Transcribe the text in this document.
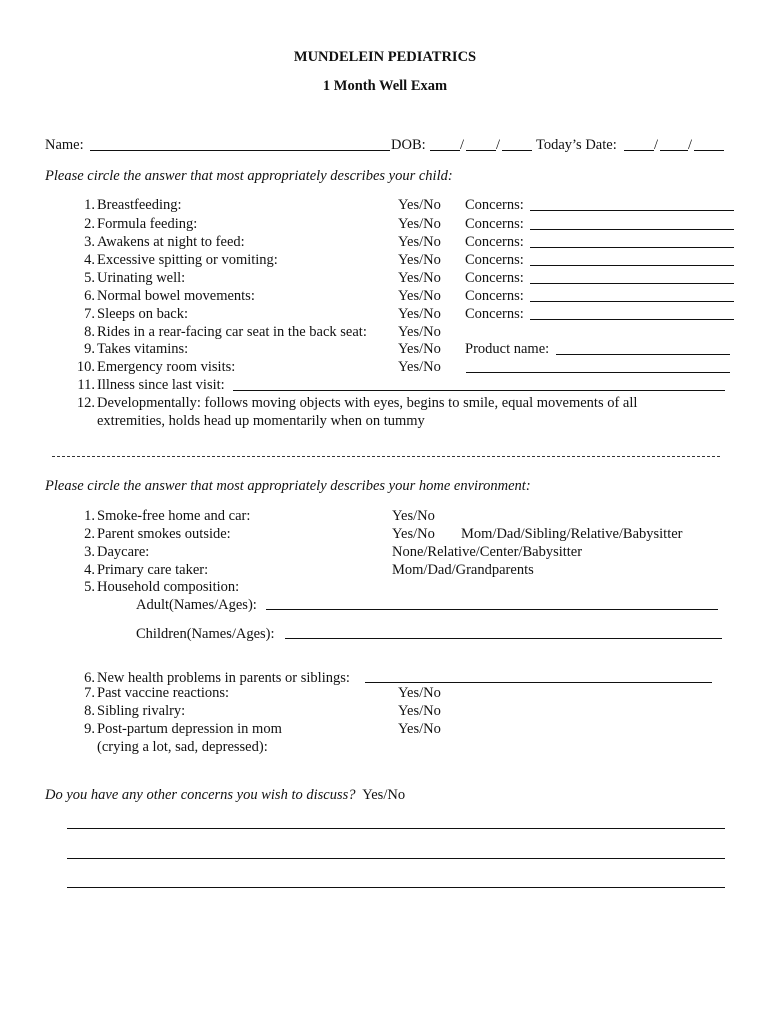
MUNDELEIN PEDIATRICS
1 Month Well Exam
Name:	DOB: / / Today’s Date:	/ /
Please circle the answer that most appropriately describes your child:
1. Breastfeeding:	Yes/No Concerns:
2. Formula feeding:	Yes/No Concerns:
3. Awakens at night to feed:	Yes/No Concerns:
4. Excessive spitting or vomiting:	Yes/No Concerns:
5. Urinating well:	Yes/No Concerns:
6. Normal bowel movements:	Yes/No Concerns:
7. Sleeps on back:	Yes/No Concerns:
8. Rides in a rear-facing car seat in the back seat: Yes/No
9. Takes vitamins:	Yes/No Product name:
10. Emergency room visits:	Yes/No
11. Illness since last visit:
12. Developmentally: follows moving objects with eyes, begins to smile, equal movements of all
extremities, holds head up momentarily when on tummy
Please circle the answer that most appropriately describes your home environment:
1. Smoke-free home and car:	Yes/No
2. Parent smokes outside:	Yes/No Mom/Dad/Sibling/Relative/Babysitter
3. Daycare:	None/Relative/Center/Babysitter
4. Primary care taker:	Mom/Dad/Grandparents
5. Household composition:
Adult(Names/Ages):
Children(Names/Ages):
6. New health problems in parents or siblings:
7. Past vaccine reactions:	Yes/No
8. Sibling rivalry:	Yes/No
9. Post-partum depression in mom	Yes/No
(crying a lot, sad, depressed):
Do you have any other concerns you wish to discuss? Yes/No
